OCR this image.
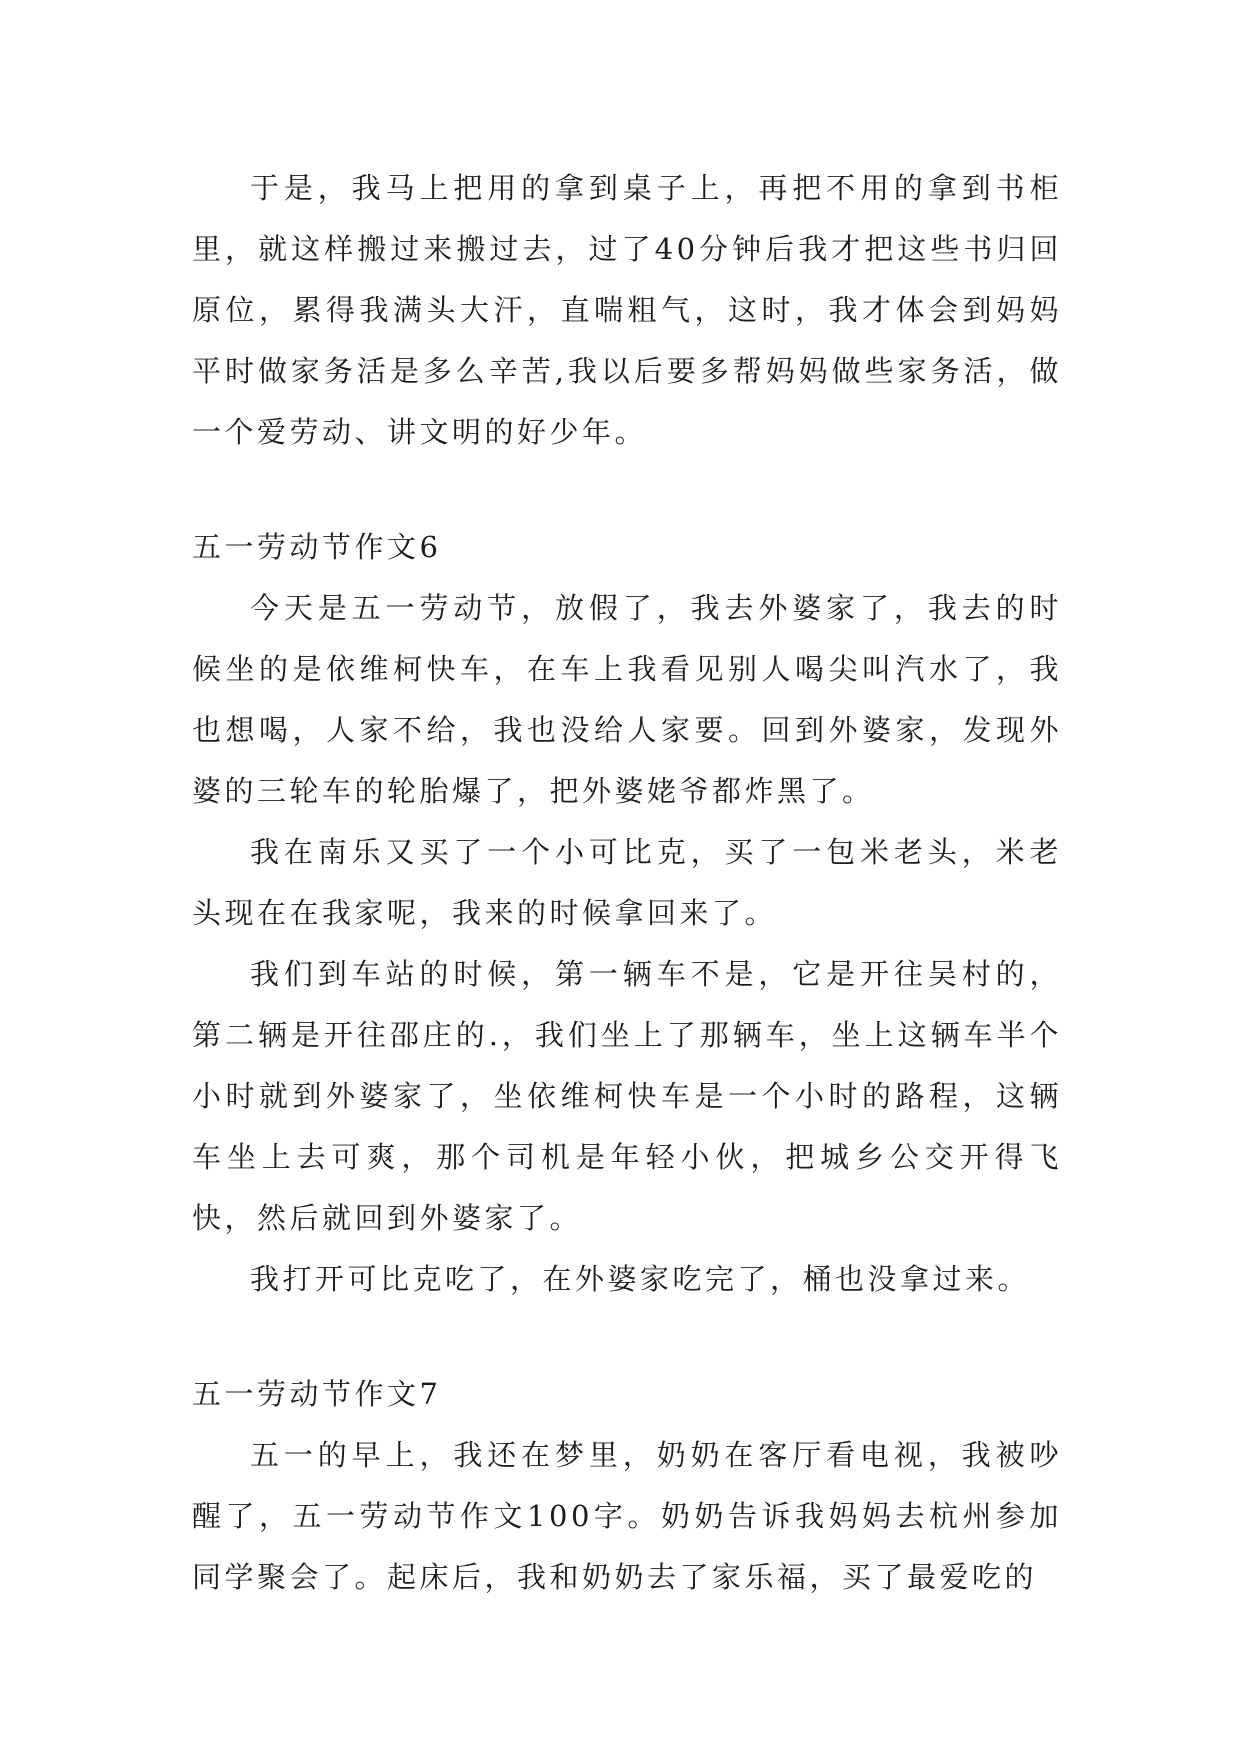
于是，我马上把用的拿到桌子上，再把不用的拿到书柜里，就这样搬过来搬过去，过了40分钟后我才把这些书归回原位，累得我满头大汗，直喘粗气，这时，我才体会到妈妈平时做家务活是多么辛苦,我以后要多帮妈妈做些家务活，做一个爱劳动、讲文明的好少年。

五一劳动节作文6

今天是五一劳动节，放假了，我去外婆家了，我去的时候坐的是依维柯快车，在车上我看见别人喝尖叫汽水了，我也想喝，人家不给，我也没给人家要。回到外婆家，发现外婆的三轮车的轮胎爆了，把外婆姥爷都炸黑了。

我在南乐又买了一个小可比克，买了一包米老头，米老头现在在我家呢，我来的时候拿回来了。

我们到车站的时候，第一辆车不是，它是开往吴村的，第二辆是开往邵庄的.，我们坐上了那辆车，坐上这辆车半个小时就到外婆家了，坐依维柯快车是一个小时的路程，这辆车坐上去可爽，那个司机是年轻小伙，把城乡公交开得飞快，然后就回到外婆家了。

我打开可比克吃了，在外婆家吃完了，桶也没拿过来。

五一劳动节作文7

五一的早上，我还在梦里，奶奶在客厅看电视，我被吵醒了，五一劳动节作文100字。奶奶告诉我妈妈去杭州参加同学聚会了。起床后，我和奶奶去了家乐福，买了最爱吃的
